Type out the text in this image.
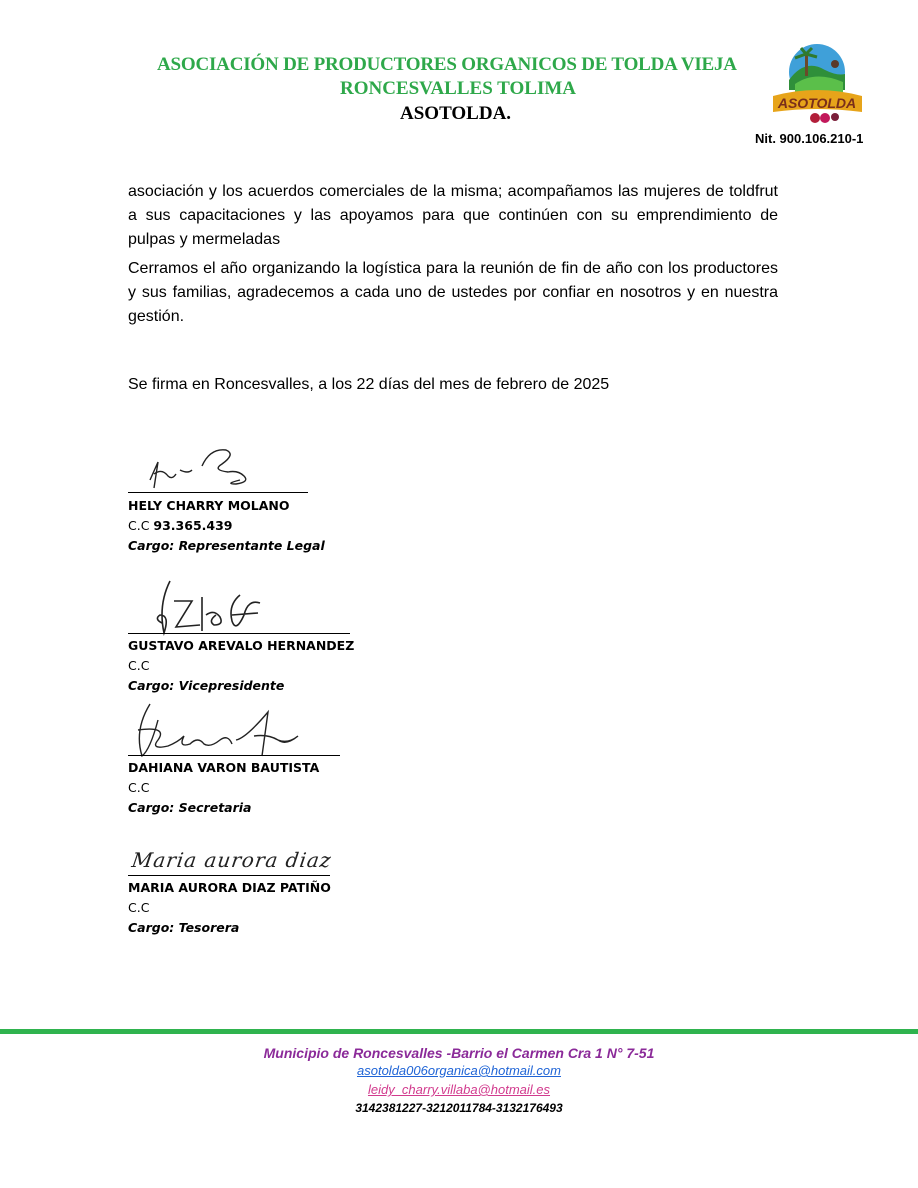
ASOCIACIÓN DE PRODUCTORES ORGANICOS DE TOLDA VIEJA
RONCESVALLES TOLIMA
ASOTOLDA.	ASOTOLDA
Nit. 900.106.210-1
asociación y los acuerdos comerciales de la misma; acompañamos las mujeres de toldfrut a sus capacitaciones y las apoyamos para que continúen con su emprendimiento de pulpas y mermeladas
Cerramos el año organizando la logística para la reunión de fin de año con los productores y sus familias, agradecemos a cada uno de ustedes por confiar en nosotros y en nuestra gestión.
Se firma en Roncesvalles, a los 22 días del mes de febrero de 2025
HELY CHARRY MOLANO
C.C 93.365.439
Cargo: Representante Legal
GUSTAVO AREVALO HERNANDEZ
C.C
Cargo: Vicepresidente
DAHIANA VARON BAUTISTA
C.C
Cargo: Secretaria
Maria aurora diaz
MARIA AURORA DIAZ PATIÑO
C.C
Cargo: Tesorera
Municipio de Roncesvalles -Barrio el Carmen Cra 1 N° 7-51
asotolda006organica@hotmail.com
leidy_charry.villaba@hotmail.es
3142381227-3212011784-3132176493
